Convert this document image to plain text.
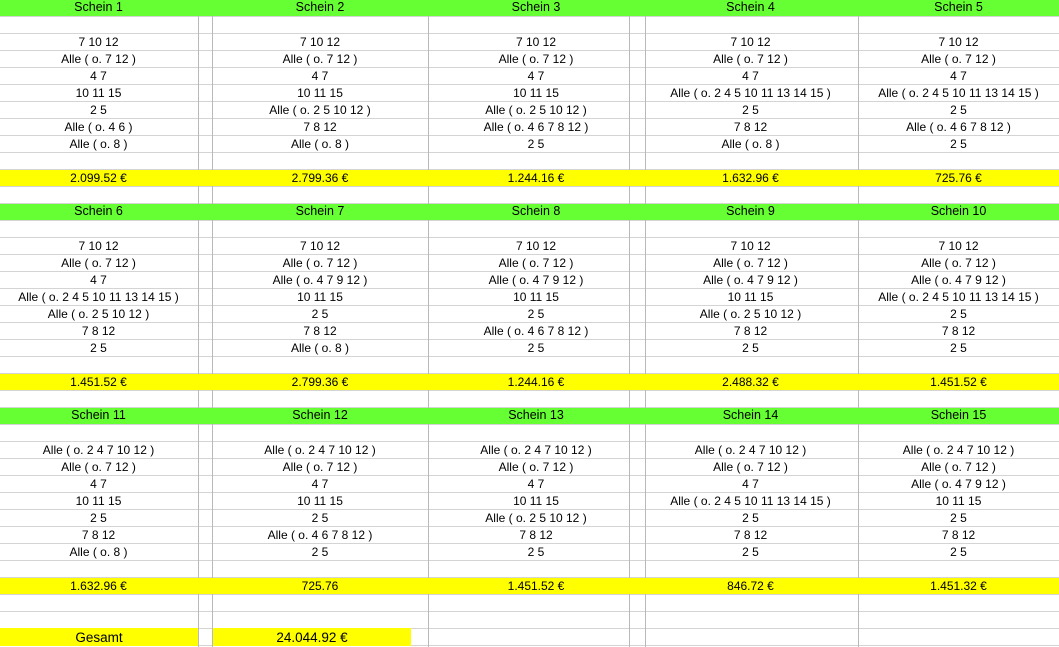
Schein 1
7 10 12
Alle ( o. 7 12 )
4 7
10 11 15
2 5
Alle ( o. 4 6 )
Alle ( o. 8 )
2.099.52 €
Schein 2
7 10 12
Alle ( o. 7 12 )
4 7
10 11 15
Alle ( o. 2 5 10 12 )
7 8 12
Alle ( o. 8 )
2.799.36 €
Schein 3
7 10 12
Alle ( o. 7 12 )
4 7
10 11 15
Alle ( o. 2 5 10 12 )
Alle ( o. 4 6 7 8 12 )
2 5
1.244.16 €
Schein 4
7 10 12
Alle ( o. 7 12 )
4 7
Alle ( o. 2 4 5 10 11 13 14 15 )
2 5
7 8 12
Alle ( o. 8 )
1.632.96 €
Schein 5
7 10 12
Alle ( o. 7 12 )
4 7
Alle ( o. 2 4 5 10 11 13 14 15 )
2 5
Alle ( o. 4 6 7 8 12 )
2 5
725.76 €
Schein 6
7 10 12
Alle ( o. 7 12 )
4 7
Alle ( o. 2 4 5 10 11 13 14 15 )
Alle ( o. 2 5 10 12 )
7 8 12
2 5
1.451.52 €
Schein 7
7 10 12
Alle ( o. 7 12 )
Alle ( o. 4 7 9 12 )
10 11 15
2 5
7 8 12
Alle ( o. 8 )
2.799.36 €
Schein 8
7 10 12
Alle ( o. 7 12 )
Alle ( o. 4 7 9 12 )
10 11 15
2 5
Alle ( o. 4 6 7 8 12 )
2 5
1.244.16 €
Schein 9
7 10 12
Alle ( o. 7 12 )
Alle ( o. 4 7 9 12 )
10 11 15
Alle ( o. 2 5 10 12 )
7 8 12
2 5
2.488.32 €
Schein 10
7 10 12
Alle ( o. 7 12 )
Alle ( o. 4 7 9 12 )
Alle ( o. 2 4 5 10 11 13 14 15 )
2 5
7 8 12
2 5
1.451.52 €
Schein 11
Alle ( o. 2 4 7 10 12 )
Alle ( o. 7 12 )
4 7
10 11 15
2 5
7 8 12
Alle ( o. 8 )
1.632.96 €
Schein 12
Alle ( o. 2 4 7 10 12 )
Alle ( o. 7 12 )
4 7
10 11 15
2 5
Alle ( o. 4 6 7 8 12 )
2 5
725.76
Schein 13
Alle ( o. 2 4 7 10 12 )
Alle ( o. 7 12 )
4 7
10 11 15
Alle ( o. 2 5 10 12 )
7 8 12
2 5
1.451.52 €
Schein 14
Alle ( o. 2 4 7 10 12 )
Alle ( o. 7 12 )
4 7
Alle ( o. 2 4 5 10 11 13 14 15 )
2 5
7 8 12
2 5
846.72 €
Schein 15
Alle ( o. 2 4 7 10 12 )
Alle ( o. 7 12 )
Alle ( o. 4 7 9 12 )
10 11 15
2 5
7 8 12
2 5
1.451.32 €
Gesamt	24.044.92 €
